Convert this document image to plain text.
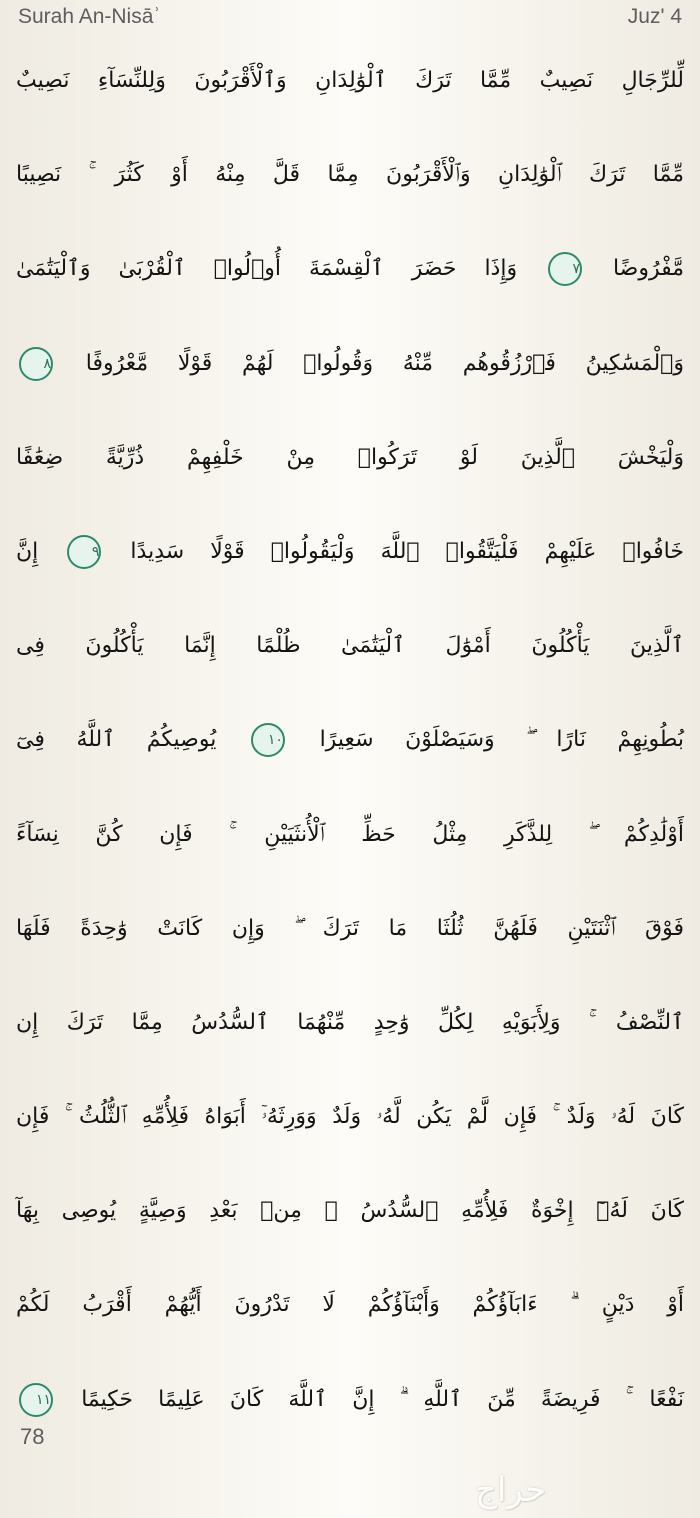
Surah An-Nisāʾ	Juz' 4
لِّلرِّجَالِ نَصِيبٌ مِّمَّا تَرَكَ ٱلْوَٰلِدَانِ وَٱلْأَقْرَبُونَ وَلِلنِّسَآءِ نَصِيبٌ
مِّمَّا تَرَكَ ٱلْوَٰلِدَانِ وَٱلْأَقْرَبُونَ مِمَّا قَلَّ مِنْهُ أَوْ كَثُرَ ۚ نَصِيبًا
مَّفْرُوضًا ٧ وَإِذَا حَضَرَ ٱلْقِسْمَةَ أُو۟لُوا۟ ٱلْقُرْبَىٰ وَٱلْيَتَٰمَىٰ
وَٱلْمَسَٰكِينُ فَٱرْزُقُوهُم مِّنْهُ وَقُولُوا۟ لَهُمْ قَوْلًا مَّعْرُوفًا ٨
وَلْيَخْشَ ٱلَّذِينَ لَوْ تَرَكُوا۟ مِنْ خَلْفِهِمْ ذُرِّيَّةً ضِعَٰفًا
خَافُوا۟ عَلَيْهِمْ فَلْيَتَّقُوا۟ ٱللَّهَ وَلْيَقُولُوا۟ قَوْلًا سَدِيدًا ٩ إِنَّ
ٱلَّذِينَ يَأْكُلُونَ أَمْوَٰلَ ٱلْيَتَٰمَىٰ ظُلْمًا إِنَّمَا يَأْكُلُونَ فِى
بُطُونِهِمْ نَارًا ۖ وَسَيَصْلَوْنَ سَعِيرًا ١٠ يُوصِيكُمُ ٱللَّهُ فِىٓ
أَوْلَٰدِكُمْ ۖ لِلذَّكَرِ مِثْلُ حَظِّ ٱلْأُنثَيَيْنِ ۚ فَإِن كُنَّ نِسَآءً
فَوْقَ ٱثْنَتَيْنِ فَلَهُنَّ ثُلُثَا مَا تَرَكَ ۖ وَإِن كَانَتْ وَٰحِدَةً فَلَهَا
ٱلنِّصْفُ ۚ وَلِأَبَوَيْهِ لِكُلِّ وَٰحِدٍ مِّنْهُمَا ٱلسُّدُسُ مِمَّا تَرَكَ إِن
كَانَ لَهُۥ وَلَدٌ ۚ فَإِن لَّمْ يَكُن لَّهُۥ وَلَدٌ وَوَرِثَهُۥٓ أَبَوَاهُ فَلِأُمِّهِ ٱلثُّلُثُ ۚ فَإِن
كَانَ لَهُۥٓ إِخْوَةٌ فَلِأُمِّهِ ٱلسُّدُسُ ۚ مِنۢ بَعْدِ وَصِيَّةٍ يُوصِى بِهَآ
أَوْ دَيْنٍ ۗ ءَابَآؤُكُمْ وَأَبْنَآؤُكُمْ لَا تَدْرُونَ أَيُّهُمْ أَقْرَبُ لَكُمْ
نَفْعًا ۚ فَرِيضَةً مِّنَ ٱللَّهِ ۗ إِنَّ ٱللَّهَ كَانَ عَلِيمًا حَكِيمًا ١١
78
حراج
